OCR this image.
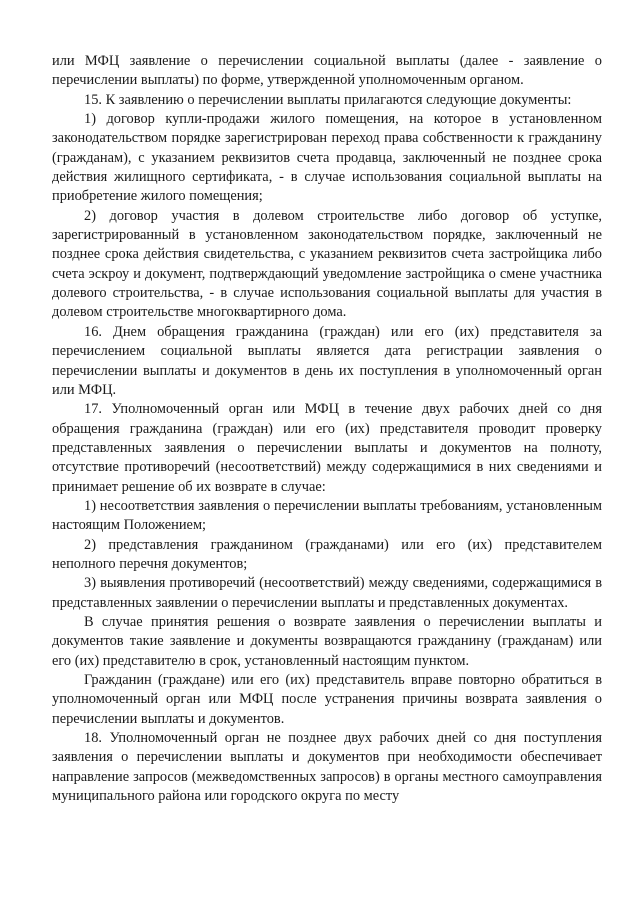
или МФЦ заявление о перечислении социальной выплаты (далее - заявление о перечислении выплаты) по форме, утвержденной уполномоченным органом.

15. К заявлению о перечислении выплаты прилагаются следующие документы:

1) договор купли-продажи жилого помещения, на которое в установленном законодательством порядке зарегистрирован переход права собственности к гражданину (гражданам), с указанием реквизитов счета продавца, заключенный не позднее срока действия жилищного сертификата, - в случае использования социальной выплаты на приобретение жилого помещения;

2) договор участия в долевом строительстве либо договор об уступке, зарегистрированный в установленном законодательством порядке, заключенный не позднее срока действия свидетельства, с указанием реквизитов счета застройщика либо счета эскроу и документ, подтверждающий уведомление застройщика о смене участника долевого строительства, - в случае использования социальной выплаты для участия в долевом строительстве многоквартирного дома.

16. Днем обращения гражданина (граждан) или его (их) представителя за перечислением социальной выплаты является дата регистрации заявления о перечислении выплаты и документов в день их поступления в уполномоченный орган или МФЦ.

17. Уполномоченный орган или МФЦ в течение двух рабочих дней со дня обращения гражданина (граждан) или его (их) представителя проводит проверку представленных заявления о перечислении выплаты и документов на полноту, отсутствие противоречий (несоответствий) между содержащимися в них сведениями и принимает решение об их возврате в случае:

1) несоответствия заявления о перечислении выплаты требованиям, установленным настоящим Положением;

2) представления гражданином (гражданами) или его (их) представителем неполного перечня документов;

3) выявления противоречий (несоответствий) между сведениями, содержащимися в представленных заявлении о перечислении выплаты и представленных документах.

В случае принятия решения о возврате заявления о перечислении выплаты и документов такие заявление и документы возвращаются гражданину (гражданам) или его (их) представителю в срок, установленный настоящим пунктом.

Гражданин (граждане) или его (их) представитель вправе повторно обратиться в уполномоченный орган или МФЦ после устранения причины возврата заявления о перечислении выплаты и документов.

18. Уполномоченный орган не позднее двух рабочих дней со дня поступления заявления о перечислении выплаты и документов при необходимости обеспечивает направление запросов (межведомственных запросов) в органы местного самоуправления муниципального района или городского округа по месту
